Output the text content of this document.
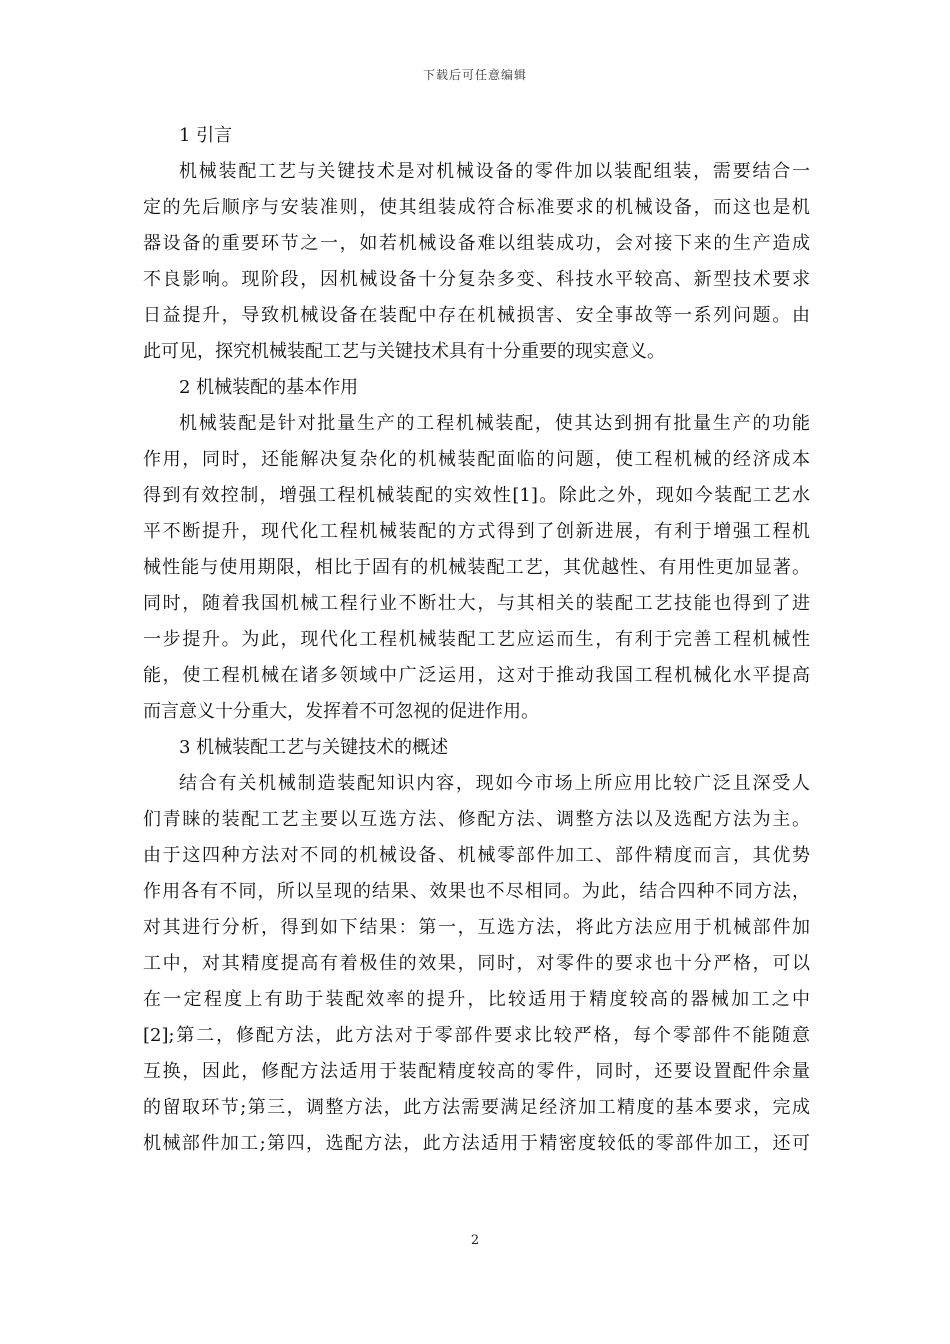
下载后可任意编辑

1 引言

机械装配工艺与关键技术是对机械设备的零件加以装配组装，需要结合一

定的先后顺序与安装准则，使其组装成符合标准要求的机械设备，而这也是机

器设备的重要环节之一，如若机械设备难以组装成功，会对接下来的生产造成

不良影响。现阶段，因机械设备十分复杂多变、科技水平较高、新型技术要求

日益提升，导致机械设备在装配中存在机械损害、安全事故等一系列问题。由

此可见，探究机械装配工艺与关键技术具有十分重要的现实意义。

2 机械装配的基本作用

机械装配是针对批量生产的工程机械装配，使其达到拥有批量生产的功能

作用，同时，还能解决复杂化的机械装配面临的问题，使工程机械的经济成本

得到有效控制，增强工程机械装配的实效性[1]。除此之外，现如今装配工艺水

平不断提升，现代化工程机械装配的方式得到了创新进展，有利于增强工程机

械性能与使用期限，相比于固有的机械装配工艺，其优越性、有用性更加显著。

同时，随着我国机械工程行业不断壮大，与其相关的装配工艺技能也得到了进

一步提升。为此，现代化工程机械装配工艺应运而生，有利于完善工程机械性

能，使工程机械在诸多领域中广泛运用，这对于推动我国工程机械化水平提高

而言意义十分重大，发挥着不可忽视的促进作用。

3 机械装配工艺与关键技术的概述

结合有关机械制造装配知识内容，现如今市场上所应用比较广泛且深受人

们青睐的装配工艺主要以互选方法、修配方法、调整方法以及选配方法为主。

由于这四种方法对不同的机械设备、机械零部件加工、部件精度而言，其优势

作用各有不同，所以呈现的结果、效果也不尽相同。为此，结合四种不同方法，

对其进行分析，得到如下结果：第一，互选方法，将此方法应用于机械部件加

工中，对其精度提高有着极佳的效果，同时，对零件的要求也十分严格，可以

在一定程度上有助于装配效率的提升，比较适用于精度较高的器械加工之中

[2];第二，修配方法，此方法对于零部件要求比较严格，每个零部件不能随意

互换，因此，修配方法适用于装配精度较高的零件，同时，还要设置配件余量

的留取环节;第三，调整方法，此方法需要满足经济加工精度的基本要求，完成

机械部件加工;第四，选配方法，此方法适用于精密度较低的零部件加工，还可

2
